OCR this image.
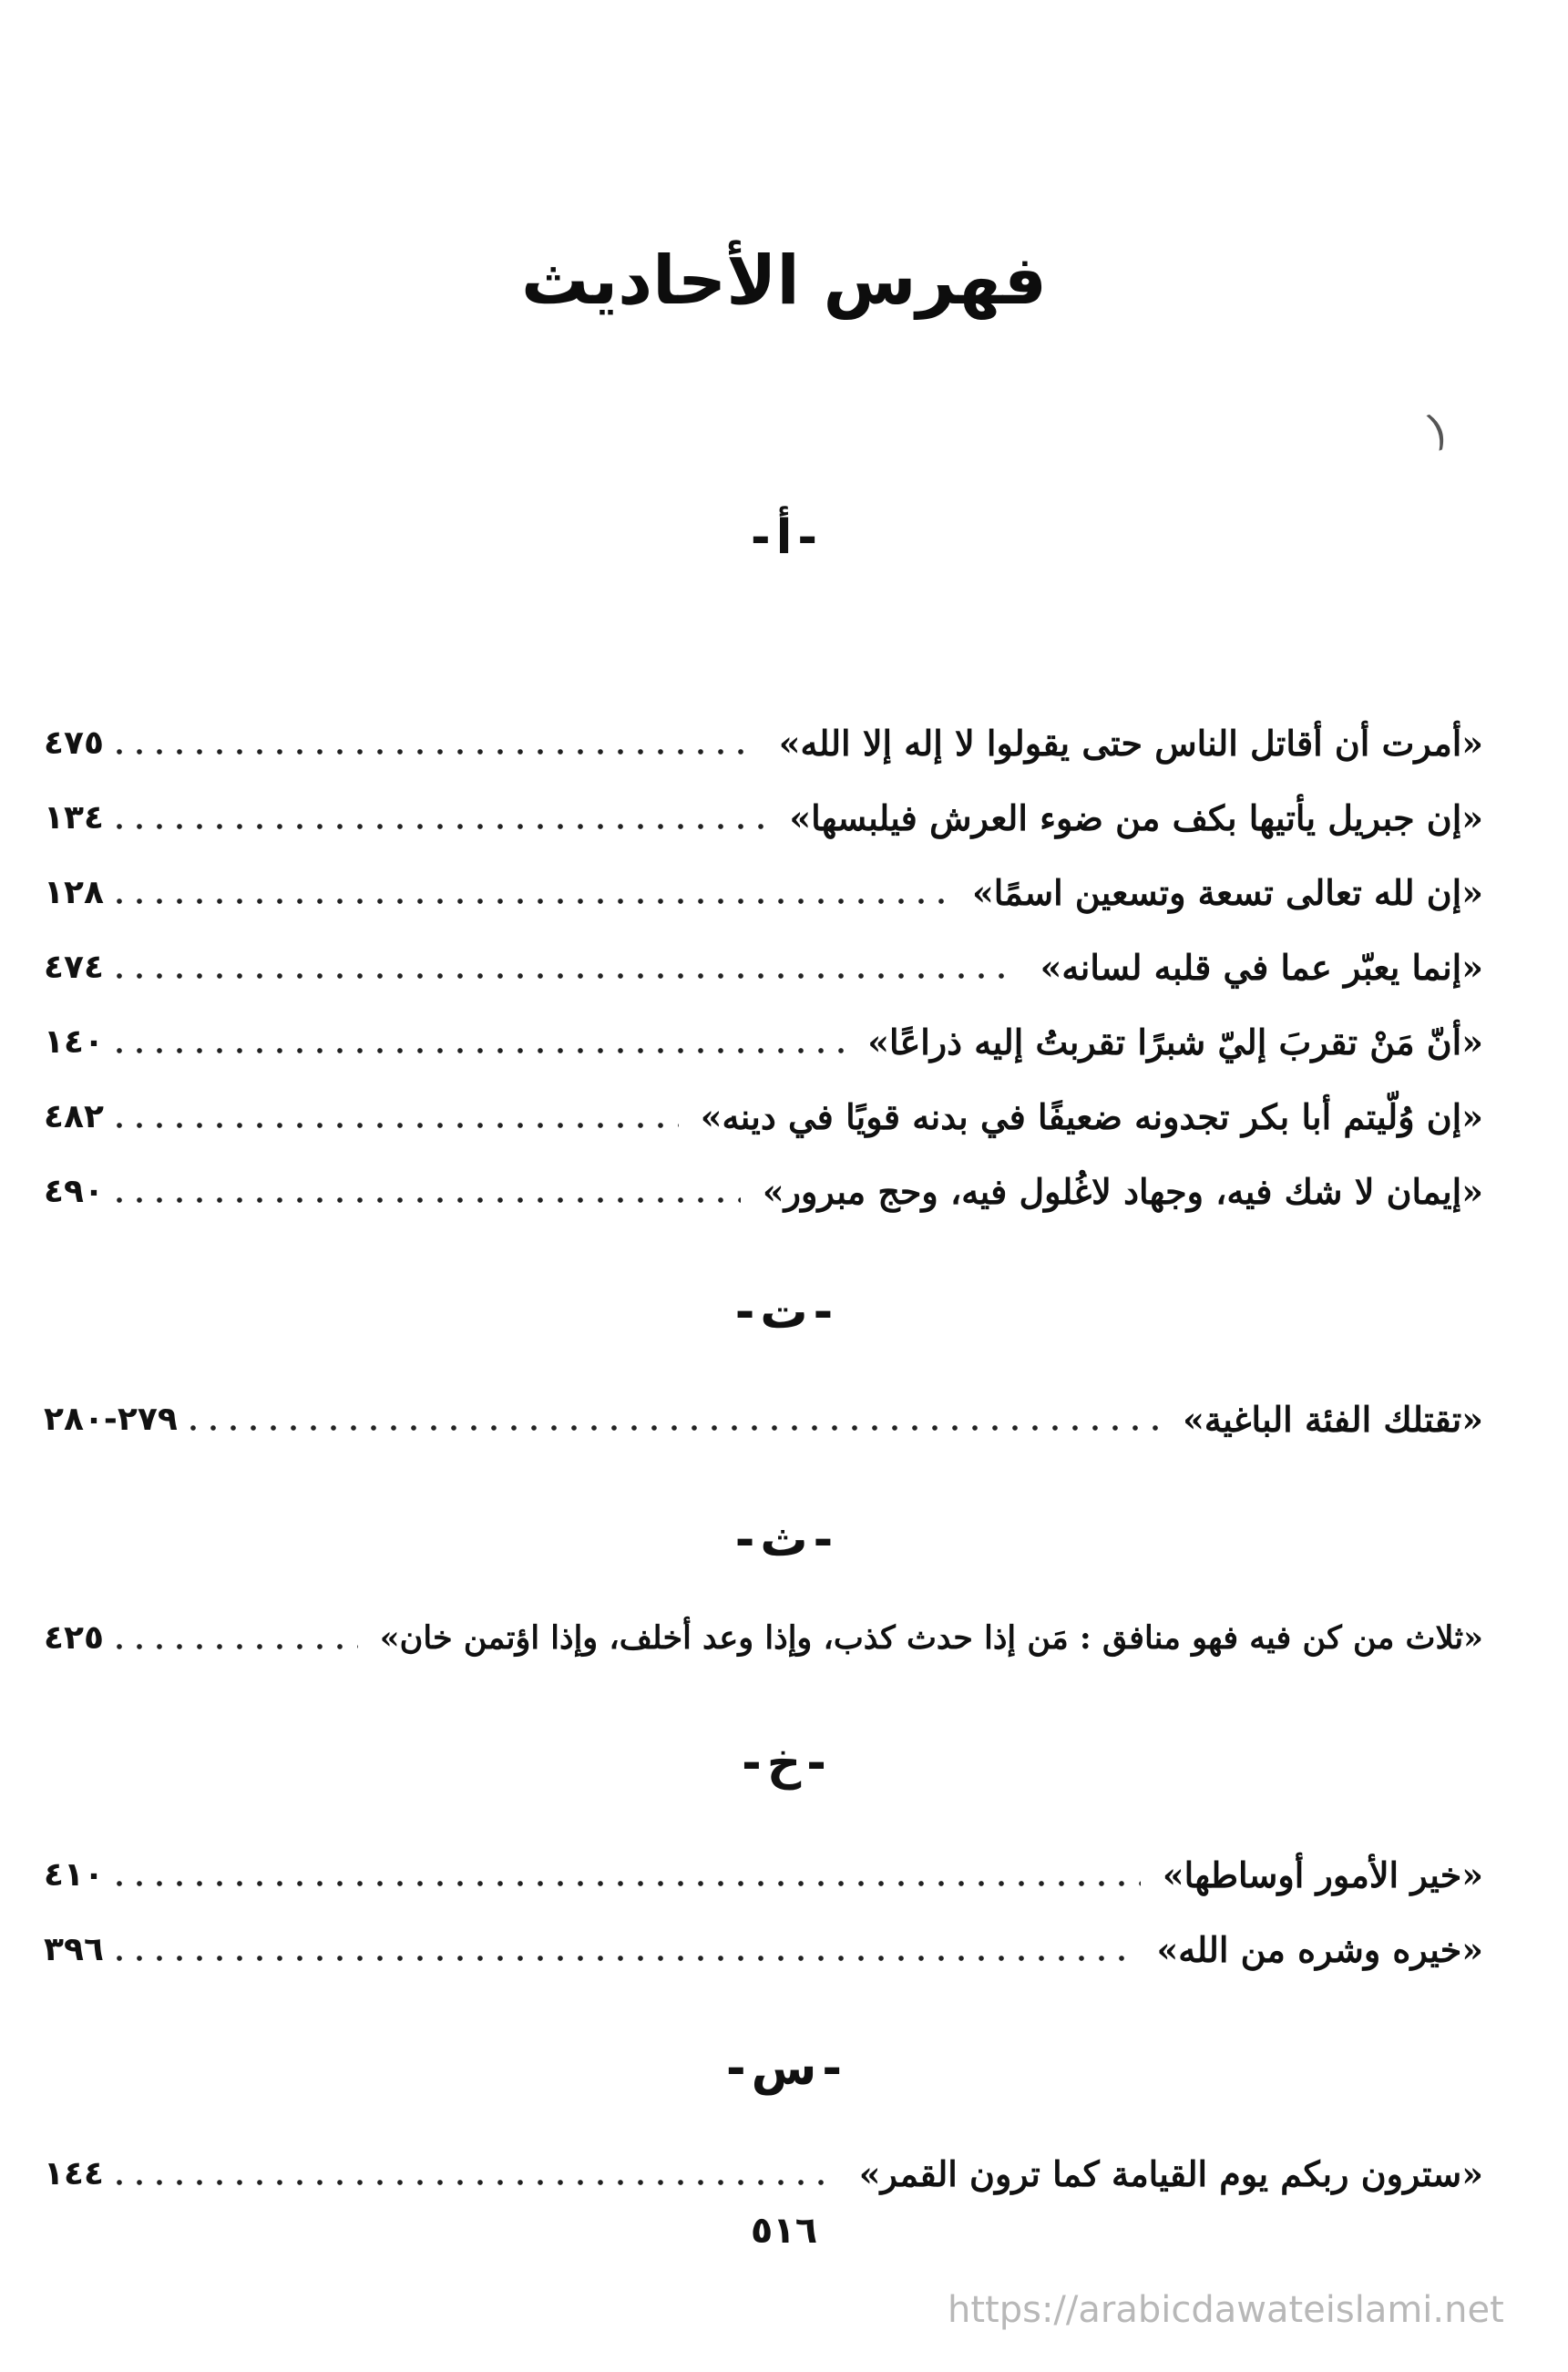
فهرس الأحاديث
(
-أ-
«أمرت أن أقاتل الناس حتى يقولوا لا إله إلا الله»
٤٧٥
«إن جبريل يأتيها بكف من ضوء العرش فيلبسها»
١٣٤
«إن لله تعالى تسعة وتسعين اسمًا»
١٢٨
«إنما يعبّر عما في قلبه لسانه»
٤٧٤
«أنّ مَنْ تقربَ إليّ شبرًا تقربتُ إليه ذراعًا»
١٤٠
«إن وُلّيتم أبا بكر تجدونه ضعيفًا في بدنه قويًا في دينه»
٤٨٢
«إيمان لا شك فيه، وجهاد لاغُلول فيه، وحج مبرور»
٤٩٠
-ت-
«تقتلك الفئة الباغية»
٢٧٩-٢٨٠
-ث-
«ثلاث من كن فيه فهو منافق : مَن إذا حدث كذب، وإذا وعد أخلف، وإذا اؤتمن خان»
٤٢٥
-خ-
«خير الأمور أوساطها»
٤١٠
«خيره وشره من الله»
٣٩٦
-س-
«سترون ربكم يوم القيامة كما ترون القمر»
١٤٤
٥١٦
https://arabicdawateislami.net
